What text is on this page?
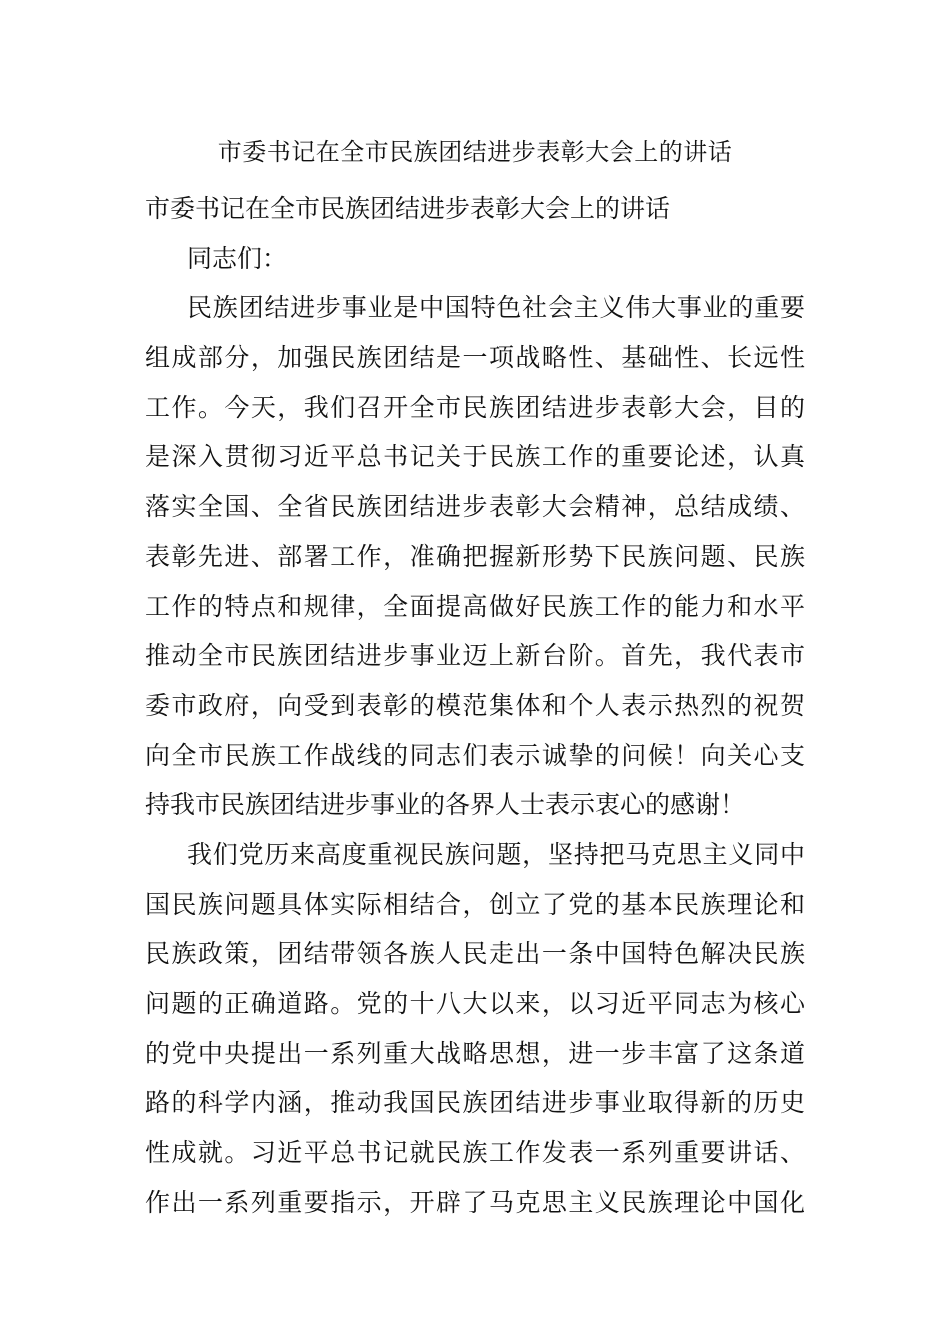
市委书记在全市民族团结进步表彰大会上的讲话
市委书记在全市民族团结进步表彰大会上的讲话
同志们：
民族团结进步事业是中国特色社会主义伟大事业的重要
组成部分，加强民族团结是一项战略性、基础性、长远性
工作。今天，我们召开全市民族团结进步表彰大会，目的
是深入贯彻习近平总书记关于民族工作的重要论述，认真
落实全国、全省民族团结进步表彰大会精神，总结成绩、
表彰先进、部署工作，准确把握新形势下民族问题、民族
工作的特点和规律，全面提高做好民族工作的能力和水平
推动全市民族团结进步事业迈上新台阶。首先，我代表市
委市政府，向受到表彰的模范集体和个人表示热烈的祝贺
向全市民族工作战线的同志们表示诚挚的问候！向关心支
持我市民族团结进步事业的各界人士表示衷心的感谢！
我们党历来高度重视民族问题，坚持把马克思主义同中
国民族问题具体实际相结合，创立了党的基本民族理论和
民族政策，团结带领各族人民走出一条中国特色解决民族
问题的正确道路。党的十八大以来，以习近平同志为核心
的党中央提出一系列重大战略思想，进一步丰富了这条道
路的科学内涵，推动我国民族团结进步事业取得新的历史
性成就。习近平总书记就民族工作发表一系列重要讲话、
作出一系列重要指示，开辟了马克思主义民族理论中国化
